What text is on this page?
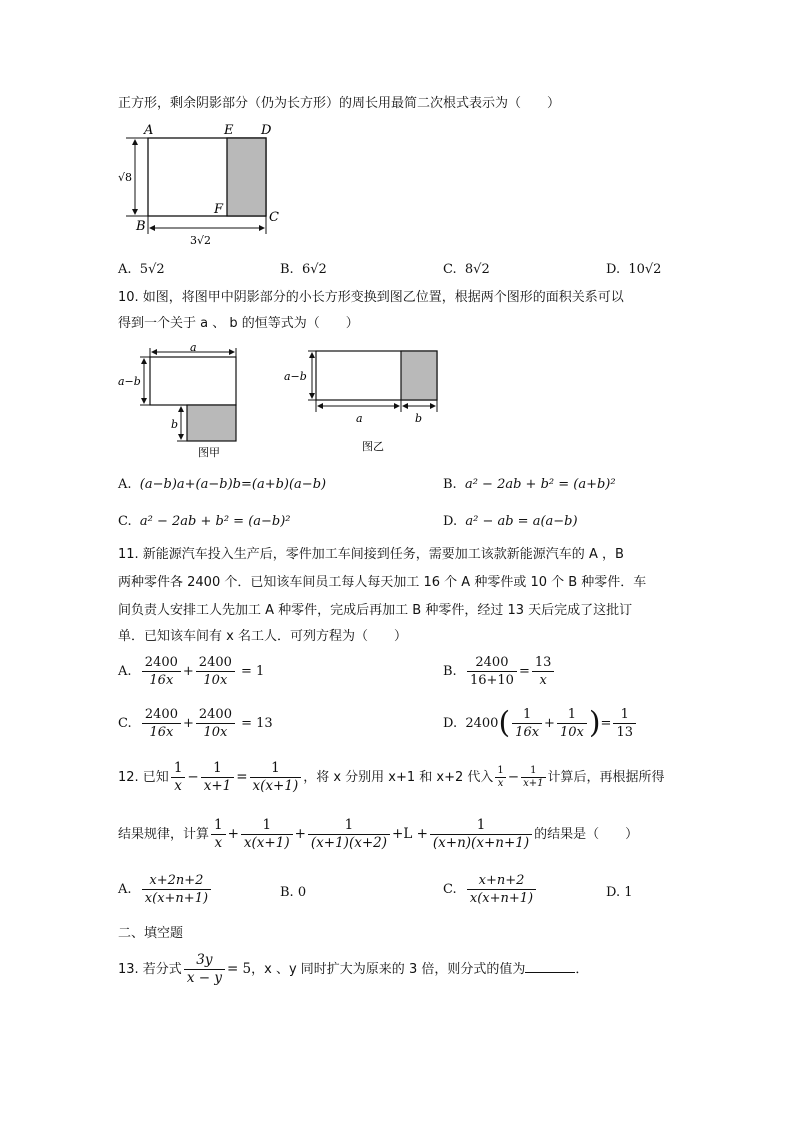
正方形，剩余阴影部分（仍为长方形）的周长用最简二次根式表示为（　　）
A	E D
B
F
C
√8
3√2
A. 5√2	B. 6√2	C. 8√2	D. 10√2
10. 如图，将图甲中阴影部分的小长方形变换到图乙位置，根据两个图形的面积关系可以
得到一个关于 a 、 b 的恒等式为（　　）
a
a−b
b
图甲
a−b
a	b
图乙
A. (a−b)a+(a−b)b=(a+b)(a−b)	B. a² − 2ab + b² = (a+b)²
C. a² − 2ab + b² = (a−b)²	D. a² − ab = a(a−b)
11. 新能源汽车投入生产后，零件加工车间接到任务，需要加工该款新能源汽车的 A ，B
两种零件各 2400 个．已知该车间员工每人每天加工 16 个 A 种零件或 10 个 B 种零件．车
间负责人安排工人先加工 A 种零件，完成后再加工 B 种零件，经过 13 天后完成了这批订
单．已知该车间有 x 名工人．可列方程为（　　）
A. $\frac{2400}{16x} + \frac{2400}{10x} = 1$	B. $\frac{2400}{16+10} = \frac{13}{x}$
C. $\frac{2400}{16x} + \frac{2400}{10x} = 13$	D. $2400( \frac{1}{16x} + \frac{1}{10x}$ )= $\frac{1}{13}$
12. 已知 $\frac{1}{x} - \frac{1}{x+1} = \frac{1}{x(x+1)}$ ，将 x 分别用 x+1 和 x+2 代入 $\frac{1}{x} - \frac{1}{x+1}$ 计算后，再根据所得
结果规律，计算 $\frac{1}{x} + \frac{1}{x(x+1)} + \frac{1}{(x+1)(x+2)} +L + \frac{1}{(x+n)(x+n+1)}$ 的结果是（　　）
A. $\frac{x+2n+2}{x(x+n+1)}$	B. 0	C. $\frac{x+n+2}{x(x+n+1)}$	D. 1
二、填空题
13. 若分式 $\frac{3y}{x - y} = 5$，x 、y 同时扩大为原来的 3 倍，则分式的值为	．
